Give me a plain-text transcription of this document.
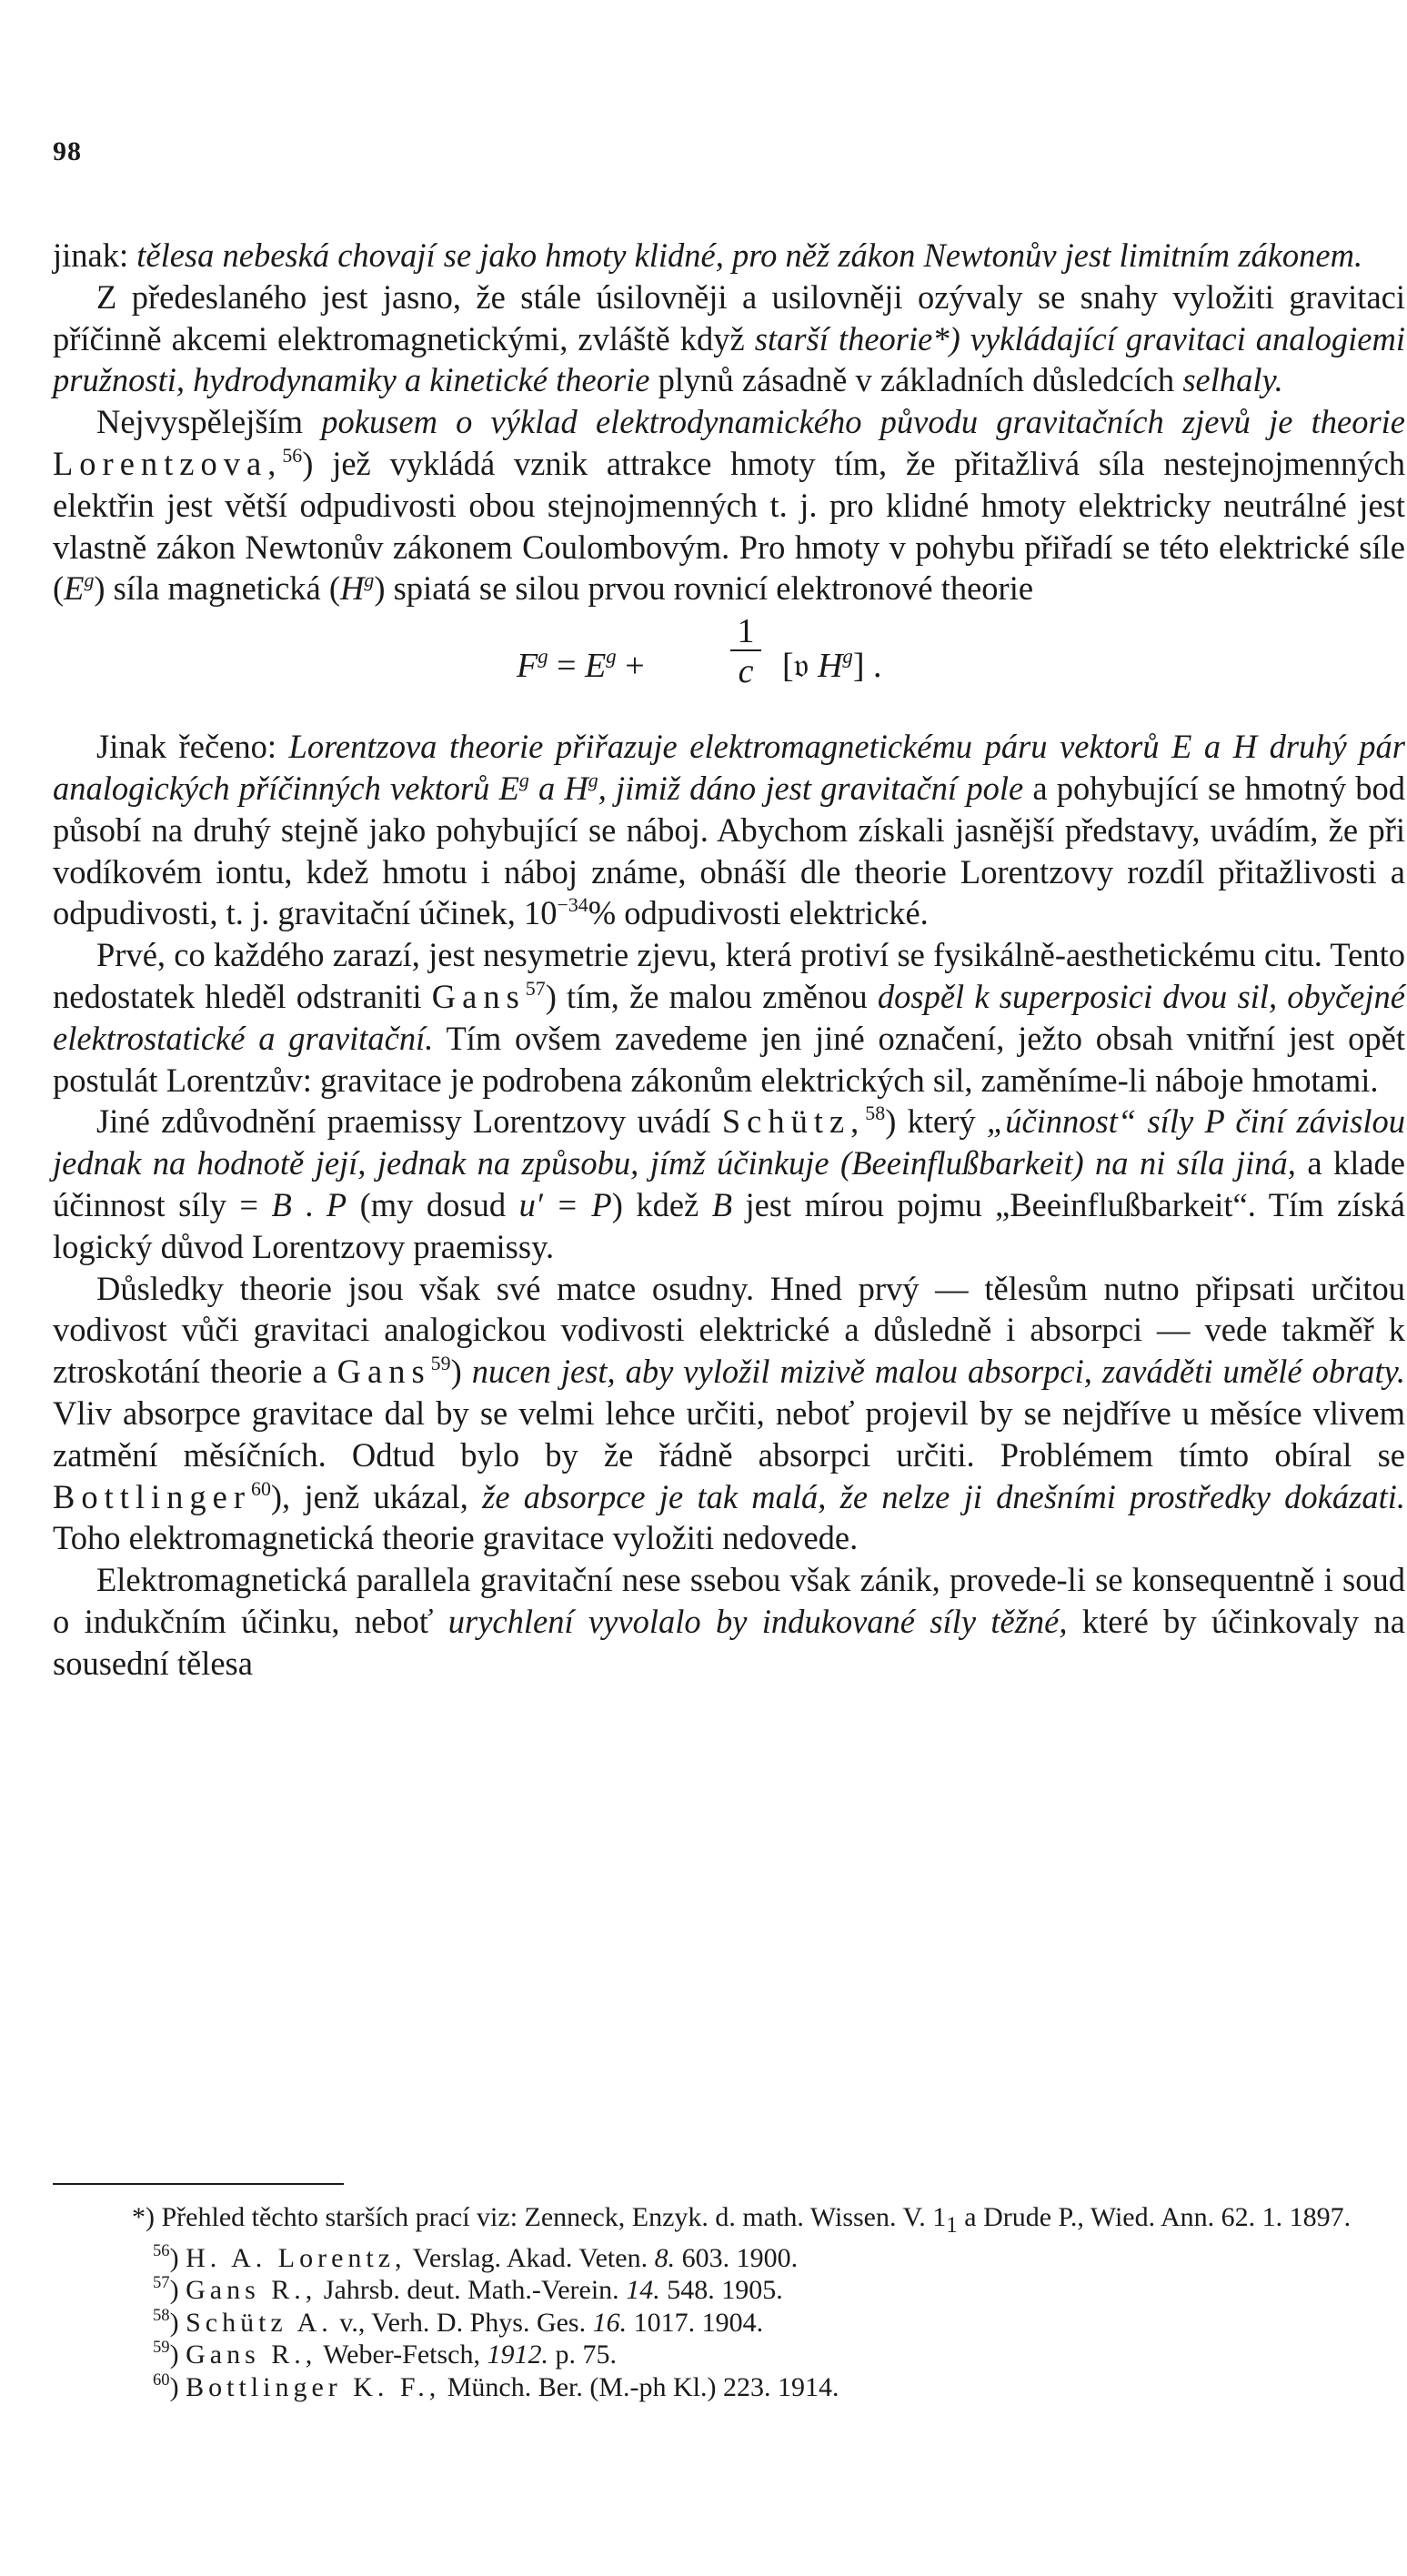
98

jinak: tělesa nebeská chovají se jako hmoty klidné, pro něž zákon Newtonův jest limitním zákonem.

Z předeslaného jest jasno, že stále úsilovněji a usilovněji ozývaly se snahy vyložiti gravitaci příčinně akcemi elektromagnetickými, zvláště když starší theorie*) vykládající gravitaci analogiemi pružnosti, hydrodynamiky a kinetické theorie plynů zásadně v základních důsledcích selhaly.

Nejvyspělejším pokusem o výklad elektrodynamického původu gravitačních zjevů je theorie Lorentzova,$^{56}$) jež vykládá vznik attrakce hmoty tím, že přitažlivá síla nestejnojmenných elektřin jest větší odpudivosti obou stejnojmenných t. j. pro klidné hmoty elektricky neutrálné jest vlastně zákon Newtonův zákonem Coulombovým. Pro hmoty v pohybu přiřadí se této elektrické síle $(E^g)$ síla magnetická $(H^g)$ spiatá se silou prvou rovnicí elektronové theorie

$F^g = E^g + \frac{1}{c}$ [𝔳 $H^g$] .

Jinak řečeno: Lorentzova theorie přiřazuje elektromagnetickému páru vektorů E a H druhý pár analogických příčinných vektorů $E^g$ a $H^g$, jimiž dáno jest gravitační pole a pohybující se hmotný bod působí na druhý stejně jako pohybující se náboj. Abychom získali jasnější představy, uvádím, že při vodíkovém iontu, kdež hmotu i náboj známe, obnáší dle theorie Lorentzovy rozdíl přitažlivosti a odpudivosti, t. j. gravitační účinek, $10^{-34}\%$ odpudivosti elektrické.

Prvé, co každého zarazí, jest nesymetrie zjevu, která protiví se fysikálně-aesthetickému citu. Tento nedostatek hleděl odstraniti Gans$^{57}$) tím, že malou změnou dospěl k superposici dvou sil, obyčejné elektrostatické a gravitační. Tím ovšem zavedeme jen jiné označení, ježto obsah vnitřní jest opět postulát Lorentzův: gravitace je podrobena zákonům elektrických sil, zaměníme-li náboje hmotami.

Jiné zdůvodnění praemissy Lorentzovy uvádí Schütz,$^{58}$) který „účinnost“ síly P činí závislou jednak na hodnotě její, jednak na způsobu, jímž účinkuje (Beeinflußbarkeit) na ni síla jiná, a klade účinnost síly = B . P (my dosud u′ = P) kdež B jest mírou pojmu „Beeinflußbarkeit“. Tím získá logický důvod Lorentzovy praemissy.

Důsledky theorie jsou však své matce osudny. Hned prvý — tělesům nutno připsati určitou vodivost vůči gravitaci analogickou vodivosti elektrické a důsledně i absorpci — vede takměř k ztroskotání theorie a Gans$^{59}$) nucen jest, aby vyložil mizivě malou absorpci, zaváděti umělé obraty. Vliv absorpce gravitace dal by se velmi lehce určiti, neboť projevil by se nejdříve u měsíce vlivem zatmění měsíčních. Odtud bylo by že řádně absorpci určiti. Problémem tímto obíral se Bottlinger$^{60}$), jenž ukázal, že absorpce je tak malá, že nelze ji dnešními prostředky dokázati. Toho elektromagnetická theorie gravitace vyložiti nedovede.

Elektromagnetická parallela gravitační nese ssebou však zánik, provede-li se konsequentně i soud o indukčním účinku, neboť urychlení vyvolalo by indukované síly těžné, které by účinkovaly na sousední tělesa

*) Přehled těchto starších prací viz: Zenneck, Enzyk. d. math. Wissen. V. $1_1$ a Drude P., Wied. Ann. 62. 1. 1897.
$^{56}$) H. A. Lorentz, Verslag. Akad. Veten. 8. 603. 1900.
$^{57}$) Gans R., Jahrsb. deut. Math.-Verein. 14. 548. 1905.
$^{58}$) Schütz A. v., Verh. D. Phys. Ges. 16. 1017. 1904.
$^{59}$) Gans R., Weber-Fetsch, 1912. p. 75.
$^{60}$) Bottlinger K. F., Münch. Ber. (M.-ph Kl.) 223. 1914.
